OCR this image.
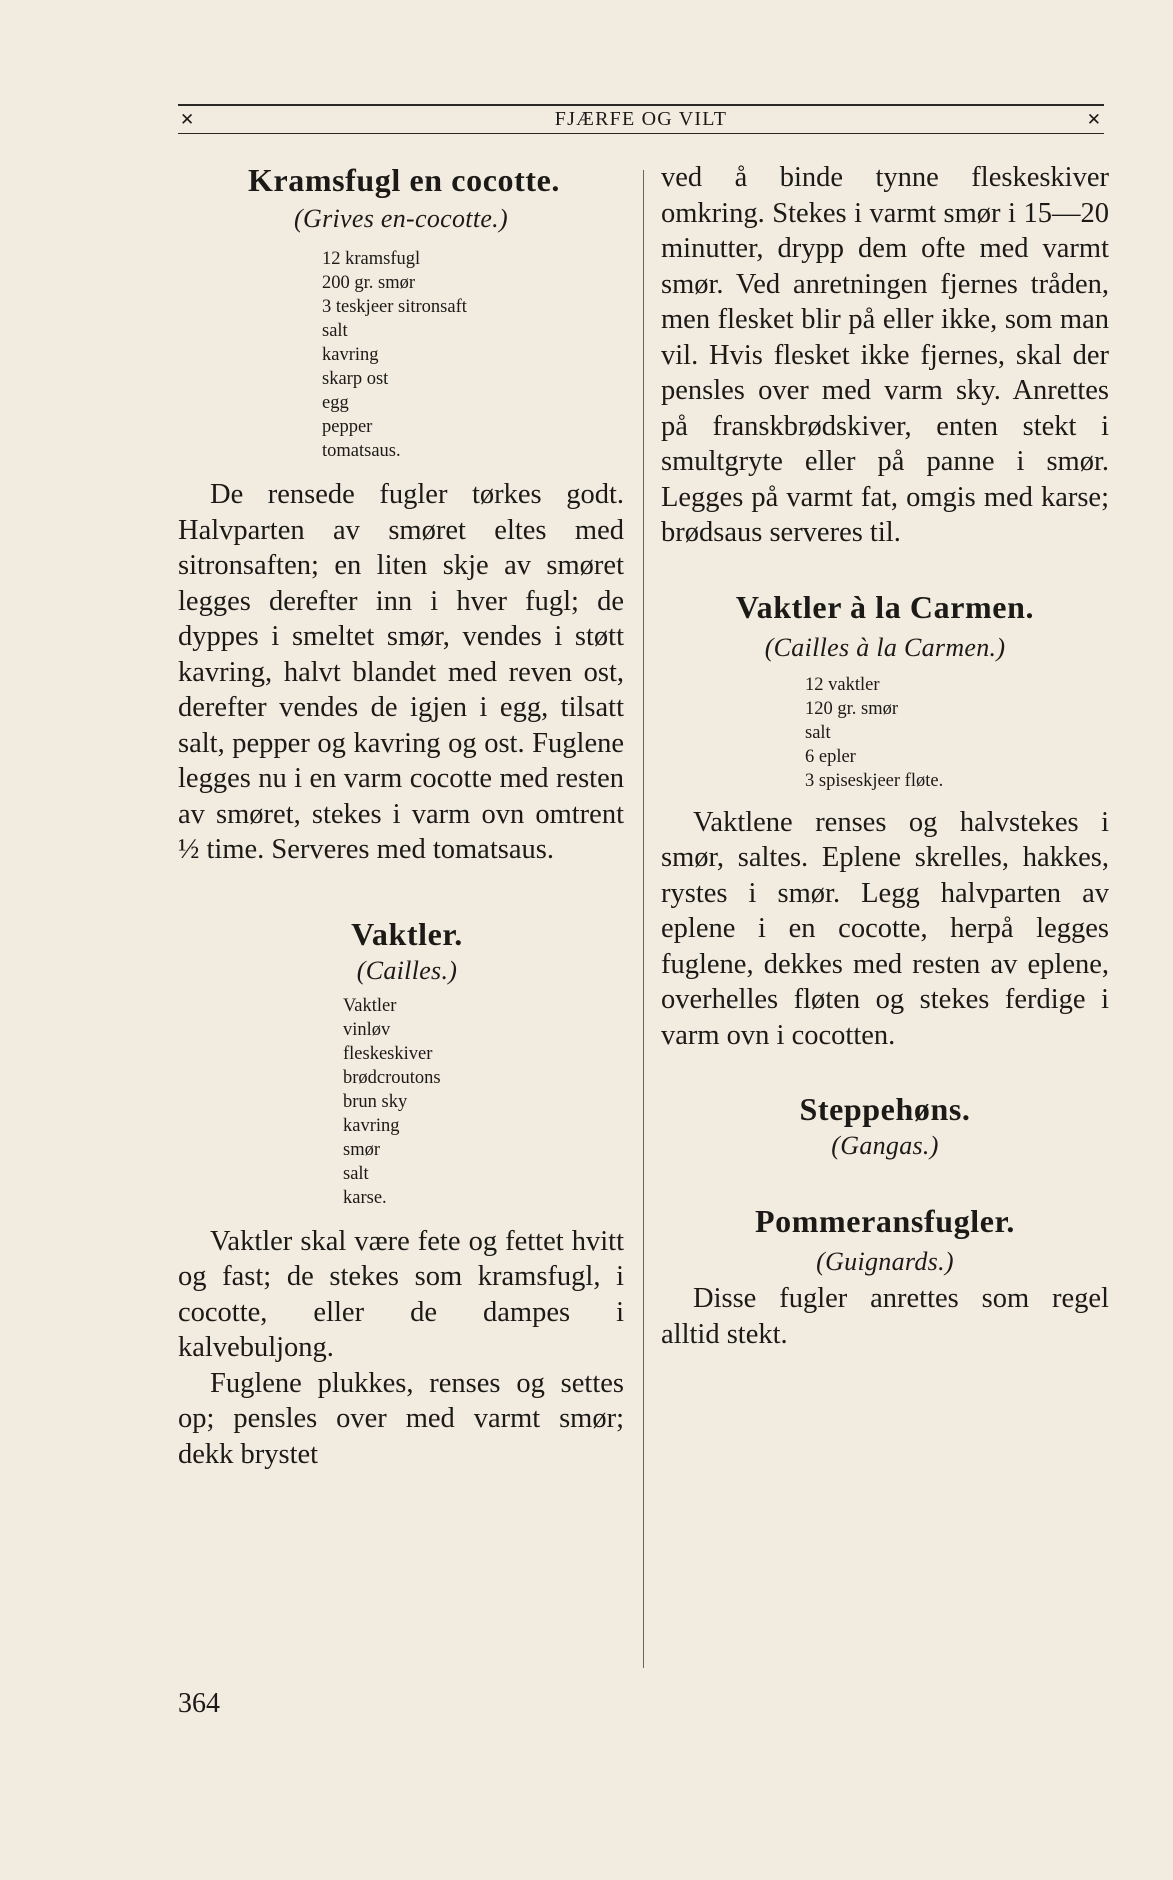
✕	FJÆRFE OG VILT	✕
Kramsfugl en cocotte.

(Grives en-cocotte.)

12 kramsfugl
200 gr. smør
3 teskjeer sitronsaft
salt
kavring
skarp ost
egg
pepper
tomatsaus.

De rensede fugler tørkes godt. Halvparten av smøret eltes med sitronsaften; en liten skje av smøret legges derefter inn i hver fugl; de dyppes i smeltet smør, vendes i støtt kavring, halvt blandet med reven ost, derefter vendes de igjen i egg, tilsatt salt, pepper og kavring og ost. Fuglene legges nu i en varm cocotte med resten av smøret, stekes i varm ovn omtrent ½ time. Serveres med tomatsaus.

Vaktler.

(Cailles.)

Vaktler
vinløv
fleskeskiver
brødcroutons
brun sky
kavring
smør
salt
karse.

Vaktler skal være fete og fettet hvitt og fast; de stekes som kramsfugl, i cocotte, eller de dampes i kalvebuljong.

Fuglene plukkes, renses og settes op; pensles over med varmt smør; dekk brystet

ved å binde tynne fleskeskiver omkring. Stekes i varmt smør i 15—20 minutter, drypp dem ofte med varmt smør. Ved anretningen fjernes tråden, men flesket blir på eller ikke, som man vil. Hvis flesket ikke fjernes, skal der pensles over med varm sky. Anrettes på franskbrødskiver, enten stekt i smultgryte eller på panne i smør. Legges på varmt fat, omgis med karse; brødsaus serveres til.

Vaktler à la Carmen.

(Cailles à la Carmen.)

12 vaktler
120 gr. smør
salt
6 epler
3 spiseskjeer fløte.

Vaktlene renses og halvstekes i smør, saltes. Eplene skrelles, hakkes, rystes i smør. Legg halvparten av eplene i en cocotte, herpå legges fuglene, dekkes med resten av eplene, overhelles fløten og stekes ferdige i varm ovn i cocotten.

Steppehøns.

(Gangas.)

Pommeransfugler.

(Guignards.)

Disse fugler anrettes som regel alltid stekt.

364
